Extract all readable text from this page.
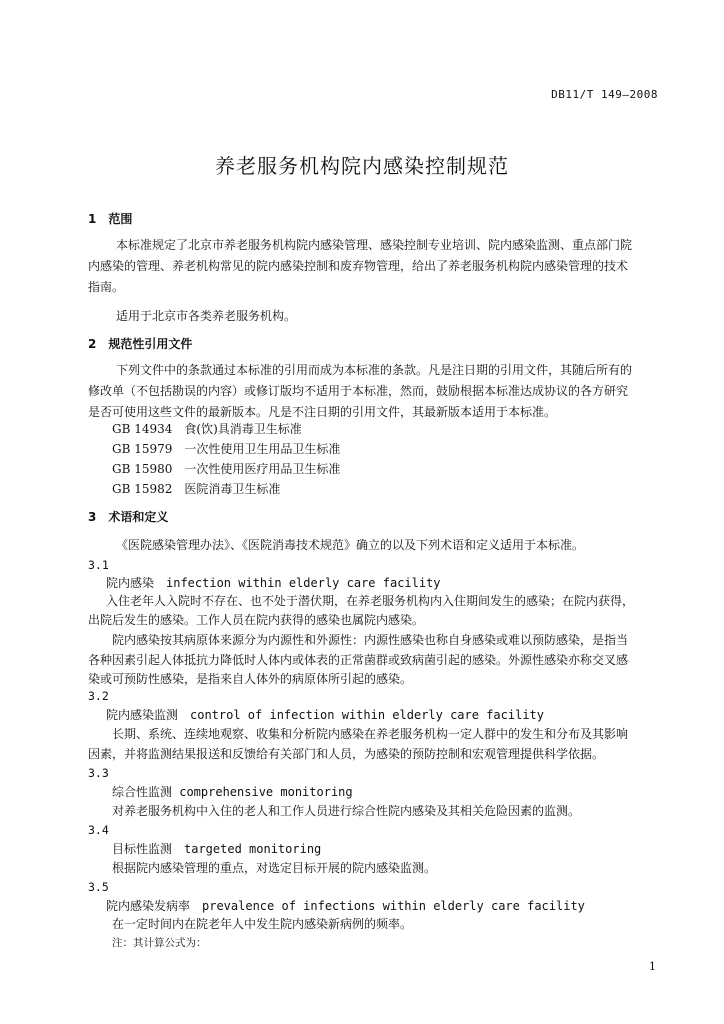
DB11/T 149—2008
养老服务机构院内感染控制规范
1　范围
本标准规定了北京市养老服务机构院内感染管理、感染控制专业培训、院内感染监测、重点部门院
内感染的管理、养老机构常见的院内感染控制和废弃物管理，给出了养老服务机构院内感染管理的技术
指南。
适用于北京市各类养老服务机构。
2　规范性引用文件
下列文件中的条款通过本标准的引用而成为本标准的条款。凡是注日期的引用文件，其随后所有的
修改单（不包括勘误的内容）或修订版均不适用于本标准，然而，鼓励根据本标准达成协议的各方研究
是否可使用这些文件的最新版本。凡是不注日期的引用文件，其最新版本适用于本标准。
GB 14934　食(饮)具消毒卫生标准
GB 15979　一次性使用卫生用品卫生标准
GB 15980　一次性使用医疗用品卫生标准
GB 15982　医院消毒卫生标准
3　术语和定义
《医院感染管理办法》、《医院消毒技术规范》确立的以及下列术语和定义适用于本标准。
3.1
院内感染　infection within elderly care facility
入住老年人入院时不存在、也不处于潜伏期，在养老服务机构内入住期间发生的感染；在院内获得，
出院后发生的感染。工作人员在院内获得的感染也属院内感染。
院内感染按其病原体来源分为内源性和外源性：内源性感染也称自身感染或难以预防感染，是指当
各种因素引起人体抵抗力降低时人体内或体表的正常菌群或致病菌引起的感染。外源性感染亦称交叉感
染或可预防性感染，是指来自人体外的病原体所引起的感染。
3.2
院内感染监测　control of infection within elderly care facility
长期、系统、连续地观察、收集和分析院内感染在养老服务机构一定人群中的发生和分布及其影响
因素，并将监测结果报送和反馈给有关部门和人员，为感染的预防控制和宏观管理提供科学依据。
3.3
综合性监测 comprehensive monitoring
对养老服务机构中入住的老人和工作人员进行综合性院内感染及其相关危险因素的监测。
3.4
目标性监测　targeted monitoring
根据院内感染管理的重点，对选定目标开展的院内感染监测。
3.5
院内感染发病率　prevalence of infections within elderly care facility
在一定时间内在院老年人中发生院内感染新病例的频率。
注：其计算公式为：
1
